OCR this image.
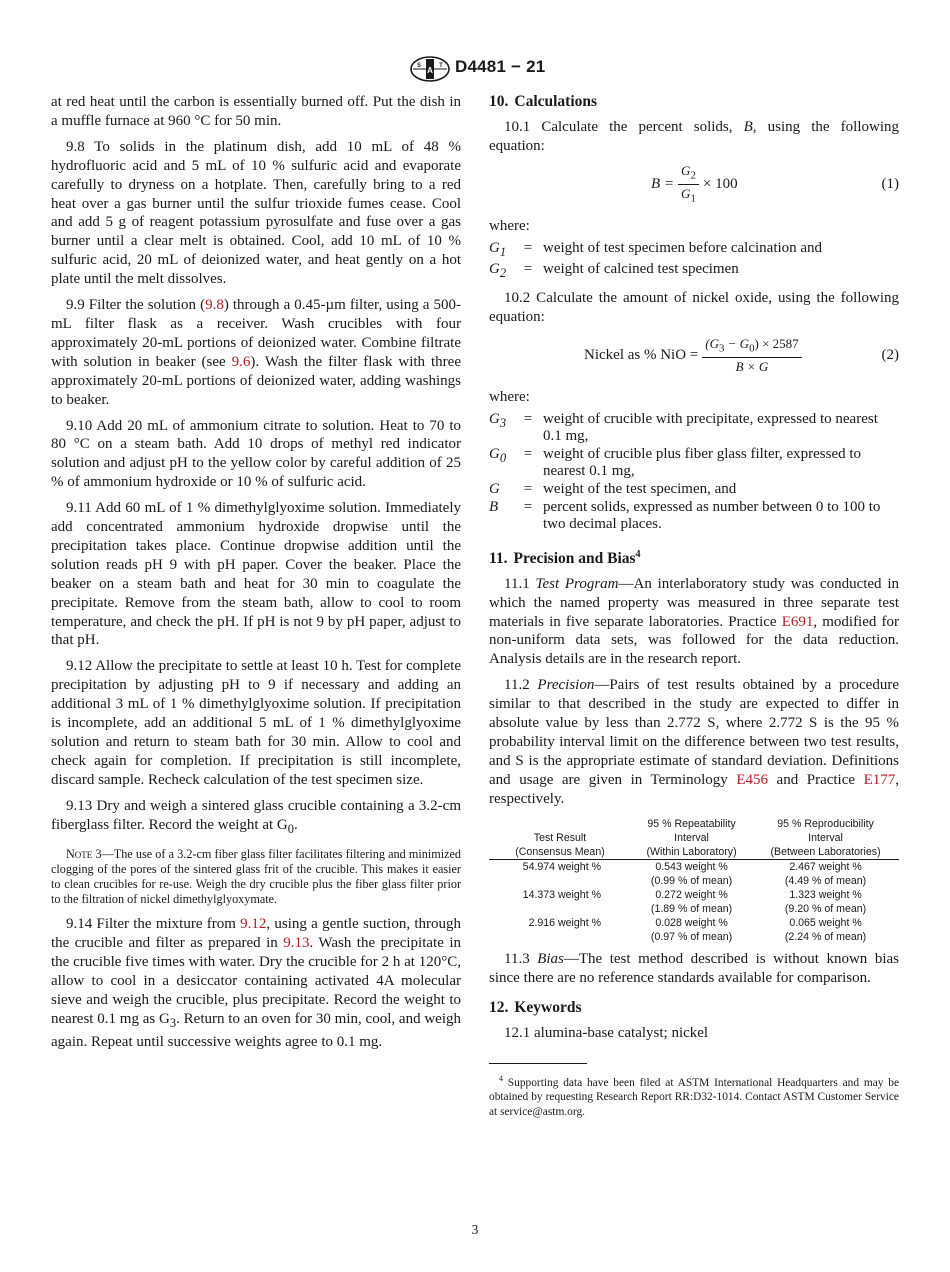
A
S	T D4481 − 21

at red heat until the carbon is essentially burned off. Put the dish in a muffle furnace at 960 °C for 50 min.

9.8 To solids in the platinum dish, add 10 mL of 48 % hydrofluoric acid and 5 mL of 10 % sulfuric acid and evaporate carefully to dryness on a hotplate. Then, carefully bring to a red heat over a gas burner until the sulfur trioxide fumes cease. Cool and add 5 g of reagent potassium pyrosulfate and fuse over a gas burner until a clear melt is obtained. Cool, add 10 mL of 10 % sulfuric acid, 20 mL of deionized water, and heat gently on a hot plate until the melt dissolves.

9.9 Filter the solution (9.8) through a 0.45-µm filter, using a 500-mL filter flask as a receiver. Wash crucibles with four approximately 20-mL portions of deionized water. Combine filtrate with solution in beaker (see 9.6). Wash the filter flask with three approximately 20-mL portions of deionized water, adding washings to beaker.

9.10 Add 20 mL of ammonium citrate to solution. Heat to 70 to 80 °C on a steam bath. Add 10 drops of methyl red indicator solution and adjust pH to the yellow color by careful addition of 25 % of ammonium hydroxide or 10 % of sulfuric acid.

9.11 Add 60 mL of 1 % dimethylglyoxime solution. Immediately add concentrated ammonium hydroxide dropwise until the precipitation takes place. Continue dropwise addition until the solution reads pH 9 with pH paper. Cover the beaker. Place the beaker on a steam bath and heat for 30 min to coagulate the precipitate. Remove from the steam bath, allow to cool to room temperature, and check the pH. If pH is not 9 by pH paper, adjust to that pH.

9.12 Allow the precipitate to settle at least 10 h. Test for complete precipitation by adjusting pH to 9 if necessary and adding an additional 3 mL of 1 % dimethylglyoxime solution. If precipitation is incomplete, add an additional 5 mL of 1 % dimethylglyoxime solution and return to steam bath for 30 min. Allow to cool and check again for completion. If precipitation is still incomplete, discard sample. Recheck calculation of the test specimen size.

9.13 Dry and weigh a sintered glass crucible containing a 3.2-cm fiberglass filter. Record the weight at $G_0$.

Note 3—The use of a 3.2-cm fiber glass filter facilitates filtering and minimized clogging of the pores of the sintered glass frit of the crucible. This makes it easier to clean crucibles for re-use. Weigh the dry crucible plus the fiber glass filter prior to the filtration of nickel dimethylglyoxymate.

9.14 Filter the mixture from 9.12, using a gentle suction, through the crucible and filter as prepared in 9.13. Wash the precipitate in the crucible five times with water. Dry the crucible for 2 h at 120°C, allow to cool in a desiccator containing activated 4A molecular sieve and weigh the crucible, plus precipitate. Record the weight to nearest 0.1 mg as $G_3$. Return to an oven for 30 min, cool, and weigh again. Repeat until successive weights agree to 0.1 mg.

10. Calculations

10.1 Calculate the percent solids, B, using the following equation:

$B = \frac{G_2}{G_1} \times 100$	(1)

where:

$G_1$	=	weight of test specimen before calcination and
$G_2$	=	weight of calcined test specimen

10.2 Calculate the amount of nickel oxide, using the following equation:

Nickel as % NiO = $\frac{(G_3 - G_0) \times 2587}{B \times G}$	(2)

where:

$G_3$	=	weight of crucible with precipitate, expressed to nearest 0.1 mg,
$G_0$	=	weight of crucible plus fiber glass filter, expressed to nearest 0.1 mg,
G	=	weight of the test specimen, and
B	=	percent solids, expressed as number between 0 to 100 to two decimal places.
11. Precision and Bias$^4$

11.1 Test Program—An interlaboratory study was conducted in which the named property was measured in three separate test materials in five separate laboratories. Practice E691, modified for non-uniform data sets, was followed for the data reduction. Analysis details are in the research report.

11.2 Precision—Pairs of test results obtained by a procedure similar to that described in the study are expected to differ in absolute value by less than 2.772 S, where 2.772 S is the 95 % probability interval limit on the difference between two test results, and S is the appropriate estimate of standard deviation. Definitions and usage are given in Terminology E456 and Practice E177, respectively.

	95 % Repeatability	95 % Reproducibility
Test Result	Interval	Interval
(Consensus Mean)	(Within Laboratory)	(Between Laboratories)
54.974 weight %	0.543 weight %	2.467 weight %
	(0.99 % of mean)	(4.49 % of mean)
14.373 weight %	0.272 weight %	1.323 weight %
	(1.89 % of mean)	(9.20 % of mean)
2.916 weight %	0.028 weight %	0.065 weight %
	(0.97 % of mean)	(2.24 % of mean)

11.3 Bias—The test method described is without known bias since there are no reference standards available for comparison.

12. Keywords

12.1 alumina-base catalyst; nickel

$^4$ Supporting data have been filed at ASTM International Headquarters and may be obtained by requesting Research Report RR:D32-1014. Contact ASTM Customer Service at service@astm.org.

3
